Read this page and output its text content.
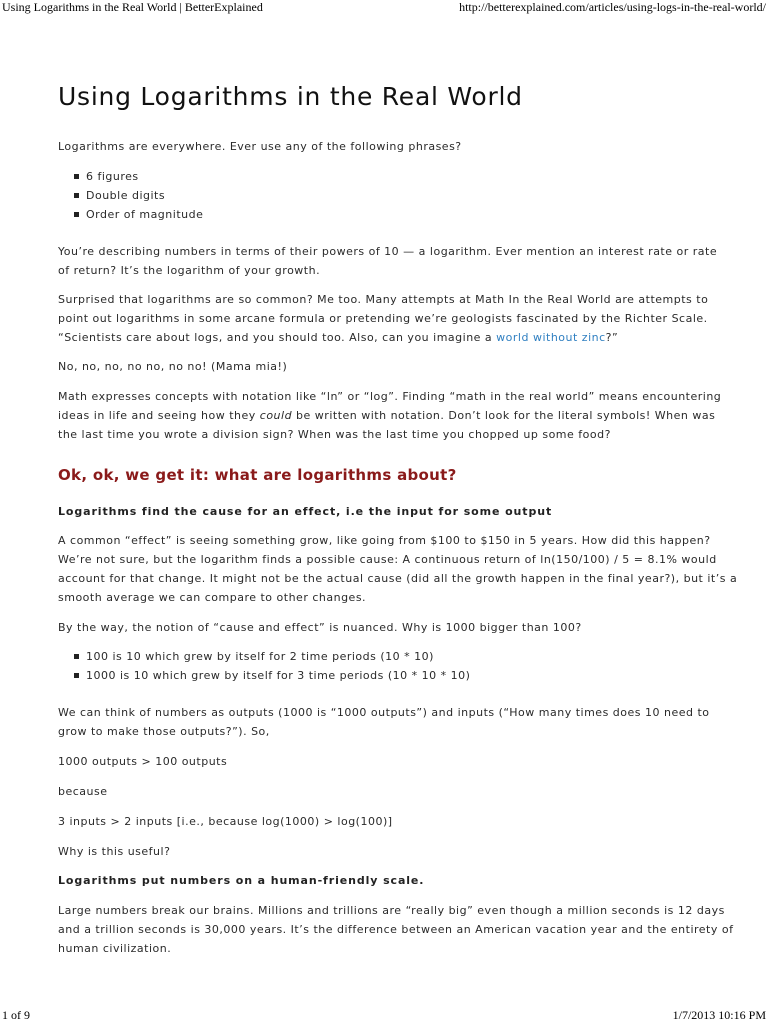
Using Logarithms in the Real World | BetterExplained	http://betterexplained.com/articles/using-logs-in-the-real-world/
Using Logarithms in the Real World

Logarithms are everywhere. Ever use any of the following phrases?

6 figures
Double digits
Order of magnitude

You’re describing numbers in terms of their powers of 10 — a logarithm. Ever mention an interest rate or rate
of return? It’s the logarithm of your growth.

Surprised that logarithms are so common? Me too. Many attempts at Math In the Real World are attempts to
point out logarithms in some arcane formula or pretending we’re geologists fascinated by the Richter Scale.
“Scientists care about logs, and you should too. Also, can you imagine a world without zinc?”

No, no, no, no no, no no! (Mama mia!)

Math expresses concepts with notation like “ln” or “log”. Finding “math in the real world” means encountering
ideas in life and seeing how they could be written with notation. Don’t look for the literal symbols! When was
the last time you wrote a division sign? When was the last time you chopped up some food?

Ok, ok, we get it: what are logarithms about?

Logarithms find the cause for an effect, i.e the input for some output

A common “effect” is seeing something grow, like going from $100 to $150 in 5 years. How did this happen?
We’re not sure, but the logarithm finds a possible cause: A continuous return of ln(150/100) / 5 = 8.1% would
account for that change. It might not be the actual cause (did all the growth happen in the final year?), but it’s a
smooth average we can compare to other changes.

By the way, the notion of “cause and effect” is nuanced. Why is 1000 bigger than 100?

100 is 10 which grew by itself for 2 time periods (10 * 10)
1000 is 10 which grew by itself for 3 time periods (10 * 10 * 10)

We can think of numbers as outputs (1000 is “1000 outputs”) and inputs (“How many times does 10 need to
grow to make those outputs?”). So,

1000 outputs > 100 outputs

because

3 inputs > 2 inputs [i.e., because log(1000) > log(100)]

Why is this useful?

Logarithms put numbers on a human-friendly scale.

Large numbers break our brains. Millions and trillions are “really big” even though a million seconds is 12 days
and a trillion seconds is 30,000 years. It’s the difference between an American vacation year and the entirety of
human civilization.

1 of 9	1/7/2013 10:16 PM
